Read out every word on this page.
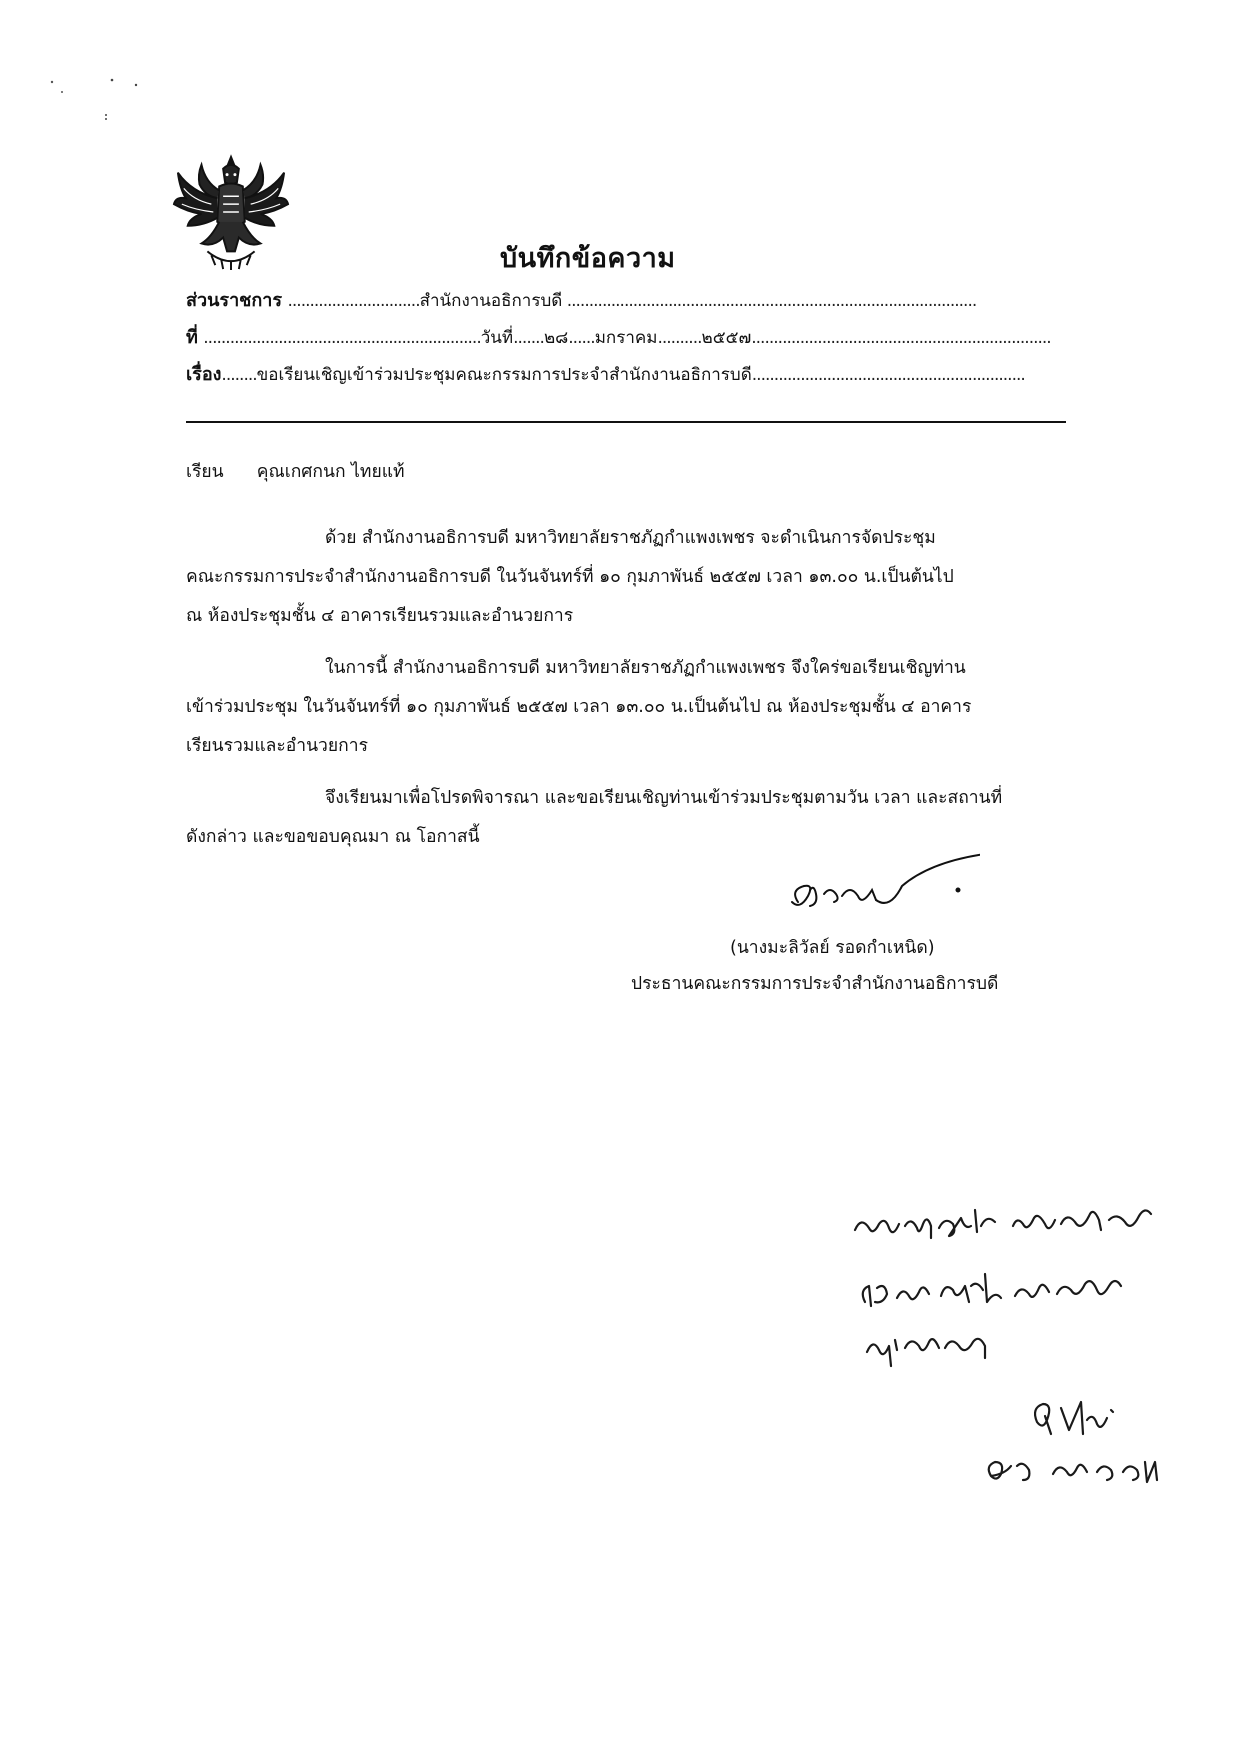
บันทึกข้อความ
ส่วนราชการ ..............................สำนักงานอธิการบดี .............................................................................................
ที่ ...............................................................วันที่.......๒๘......มกราคม..........๒๕๕๗....................................................................
เรื่อง........ขอเรียนเชิญเข้าร่วมประชุมคณะกรรมการประจำสำนักงานอธิการบดี..............................................................
เรียน คุณเกศกนก ไทยแท้
ด้วย สำนักงานอธิการบดี มหาวิทยาลัยราชภัฏกำแพงเพชร จะดำเนินการจัดประชุม
คณะกรรมการประจำสำนักงานอธิการบดี ในวันจันทร์ที่ ๑๐ กุมภาพันธ์ ๒๕๕๗ เวลา ๑๓.๐๐ น.เป็นต้นไป
ณ ห้องประชุมชั้น ๔ อาคารเรียนรวมและอำนวยการ
ในการนี้ สำนักงานอธิการบดี มหาวิทยาลัยราชภัฏกำแพงเพชร จึงใคร่ขอเรียนเชิญท่าน
เข้าร่วมประชุม ในวันจันทร์ที่ ๑๐ กุมภาพันธ์ ๒๕๕๗ เวลา ๑๓.๐๐ น.เป็นต้นไป ณ ห้องประชุมชั้น ๔ อาคาร
เรียนรวมและอำนวยการ
จึงเรียนมาเพื่อโปรดพิจารณา และขอเรียนเชิญท่านเข้าร่วมประชุมตามวัน เวลา และสถานที่
ดังกล่าว และขอขอบคุณมา ณ โอกาสนี้
(นางมะลิวัลย์ รอดกำเหนิด)
ประธานคณะกรรมการประจำสำนักงานอธิการบดี
